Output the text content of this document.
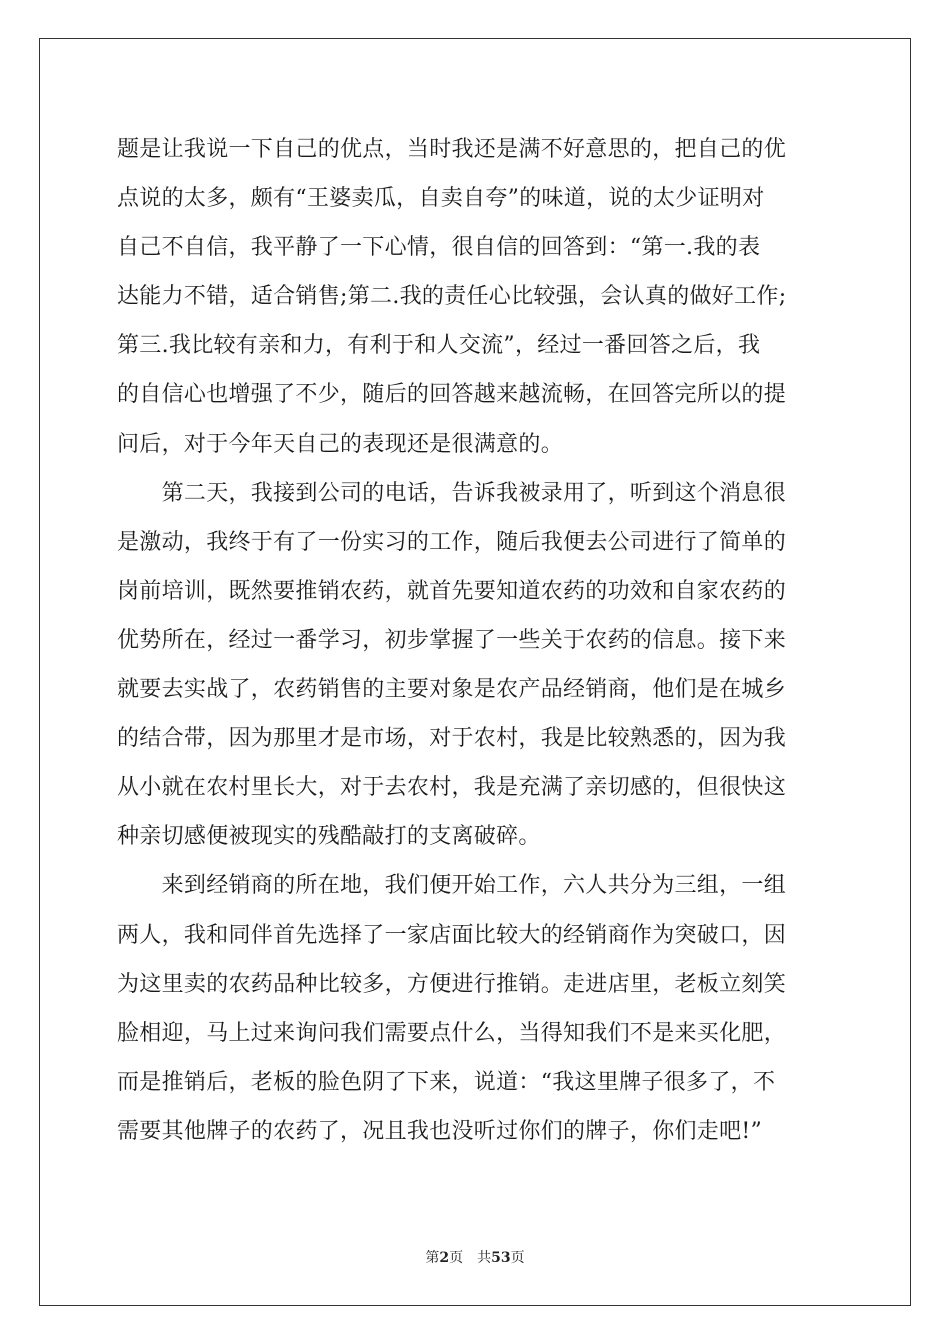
题是让我说一下自己的优点，当时我还是满不好意思的，把自己的优
点说的太多，颇有“王婆卖瓜，自卖自夸”的味道，说的太少证明对
自己不自信，我平静了一下心情，很自信的回答到：“第一.我的表
达能力不错，适合销售;第二.我的责任心比较强，会认真的做好工作;
第三.我比较有亲和力，有利于和人交流”，经过一番回答之后，我
的自信心也增强了不少，随后的回答越来越流畅，在回答完所以的提
问后，对于今年天自己的表现还是很满意的。
　　第二天，我接到公司的电话，告诉我被录用了，听到这个消息很
是激动，我终于有了一份实习的工作，随后我便去公司进行了简单的
岗前培训，既然要推销农药，就首先要知道农药的功效和自家农药的
优势所在，经过一番学习，初步掌握了一些关于农药的信息。接下来
就要去实战了，农药销售的主要对象是农产品经销商，他们是在城乡
的结合带，因为那里才是市场，对于农村，我是比较熟悉的，因为我
从小就在农村里长大，对于去农村，我是充满了亲切感的，但很快这
种亲切感便被现实的残酷敲打的支离破碎。
　　来到经销商的所在地，我们便开始工作，六人共分为三组，一组
两人，我和同伴首先选择了一家店面比较大的经销商作为突破口，因
为这里卖的农药品种比较多，方便进行推销。走进店里，老板立刻笑
脸相迎，马上过来询问我们需要点什么，当得知我们不是来买化肥，
而是推销后，老板的脸色阴了下来，说道：“我这里牌子很多了，不
需要其他牌子的农药了，况且我也没听过你们的牌子，你们走吧!”
第2页 共53页
